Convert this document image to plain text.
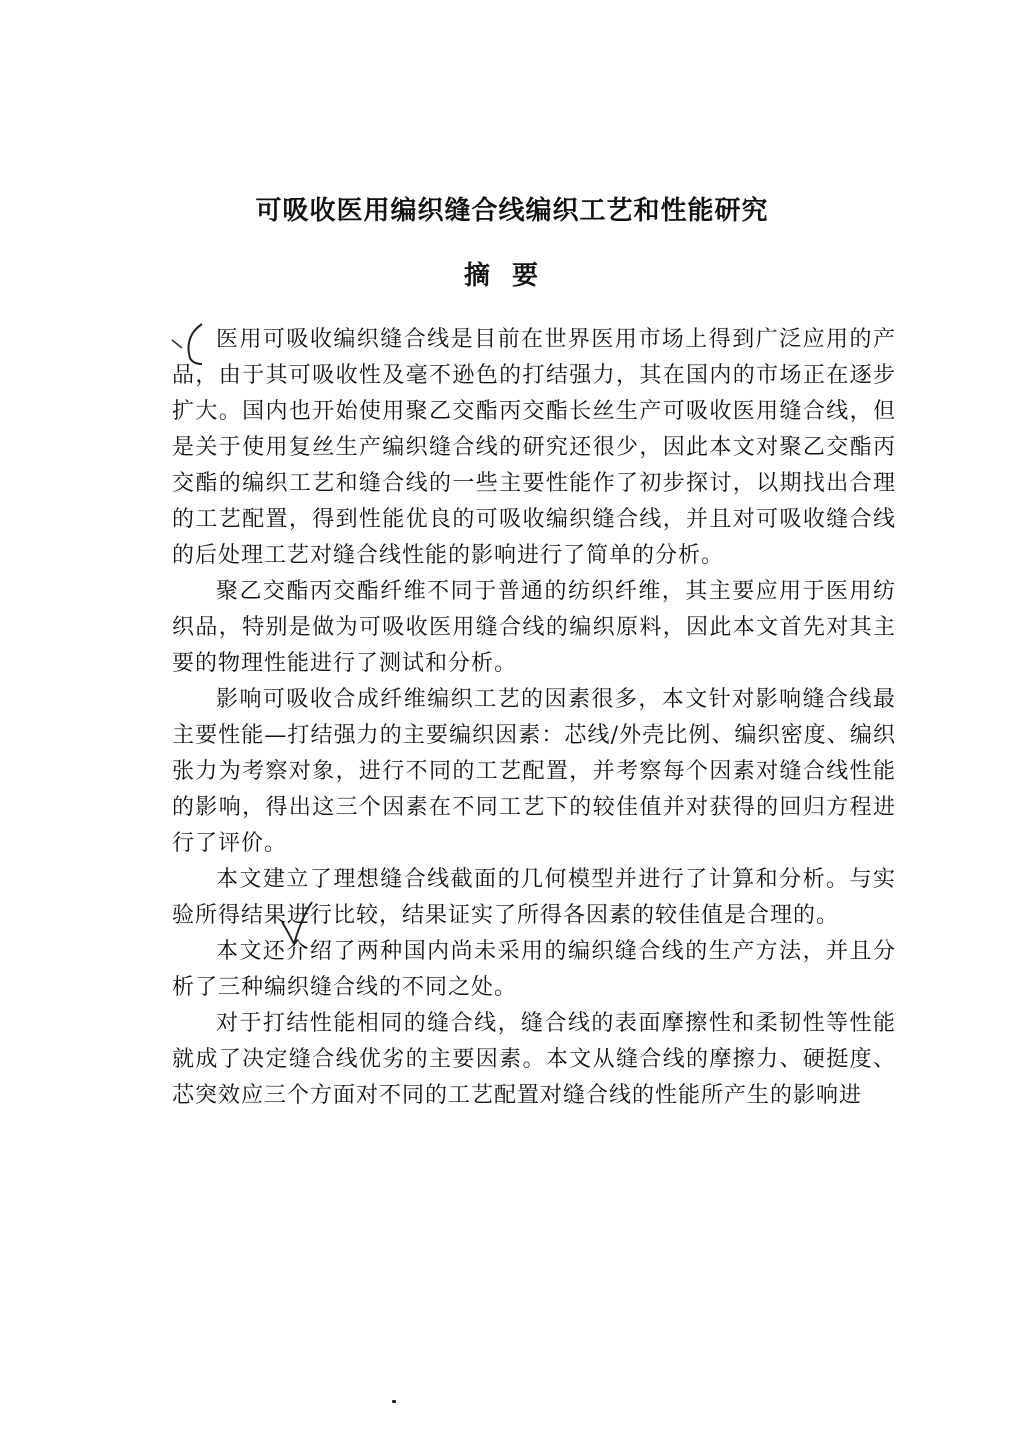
可吸收医用编织缝合线编织工艺和性能研究
摘要

医用可吸收编织缝合线是目前在世界医用市场上得到广泛应用的产品，由于其可吸收性及毫不逊色的打结强力，其在国内的市场正在逐步扩大。国内也开始使用聚乙交酯丙交酯长丝生产可吸收医用缝合线，但是关于使用复丝生产编织缝合线的研究还很少，因此本文对聚乙交酯丙交酯的编织工艺和缝合线的一些主要性能作了初步探讨，以期找出合理的工艺配置，得到性能优良的可吸收编织缝合线，并且对可吸收缝合线的后处理工艺对缝合线性能的影响进行了简单的分析。

聚乙交酯丙交酯纤维不同于普通的纺织纤维，其主要应用于医用纺织品，特别是做为可吸收医用缝合线的编织原料，因此本文首先对其主要的物理性能进行了测试和分析。

影响可吸收合成纤维编织工艺的因素很多，本文针对影响缝合线最主要性能—打结强力的主要编织因素：芯线/外壳比例、编织密度、编织张力为考察对象，进行不同的工艺配置，并考察每个因素对缝合线性能的影响，得出这三个因素在不同工艺下的较佳值并对获得的回归方程进行了评价。

本文建立了理想缝合线截面的几何模型并进行了计算和分析。与实验所得结果进行比较，结果证实了所得各因素的较佳值是合理的。

本文还介绍了两种国内尚未采用的编织缝合线的生产方法，并且分析了三种编织缝合线的不同之处。

对于打结性能相同的缝合线，缝合线的表面摩擦性和柔韧性等性能就成了决定缝合线优劣的主要因素。本文从缝合线的摩擦力、硬挺度、芯突效应三个方面对不同的工艺配置对缝合线的性能所产生的影响进
